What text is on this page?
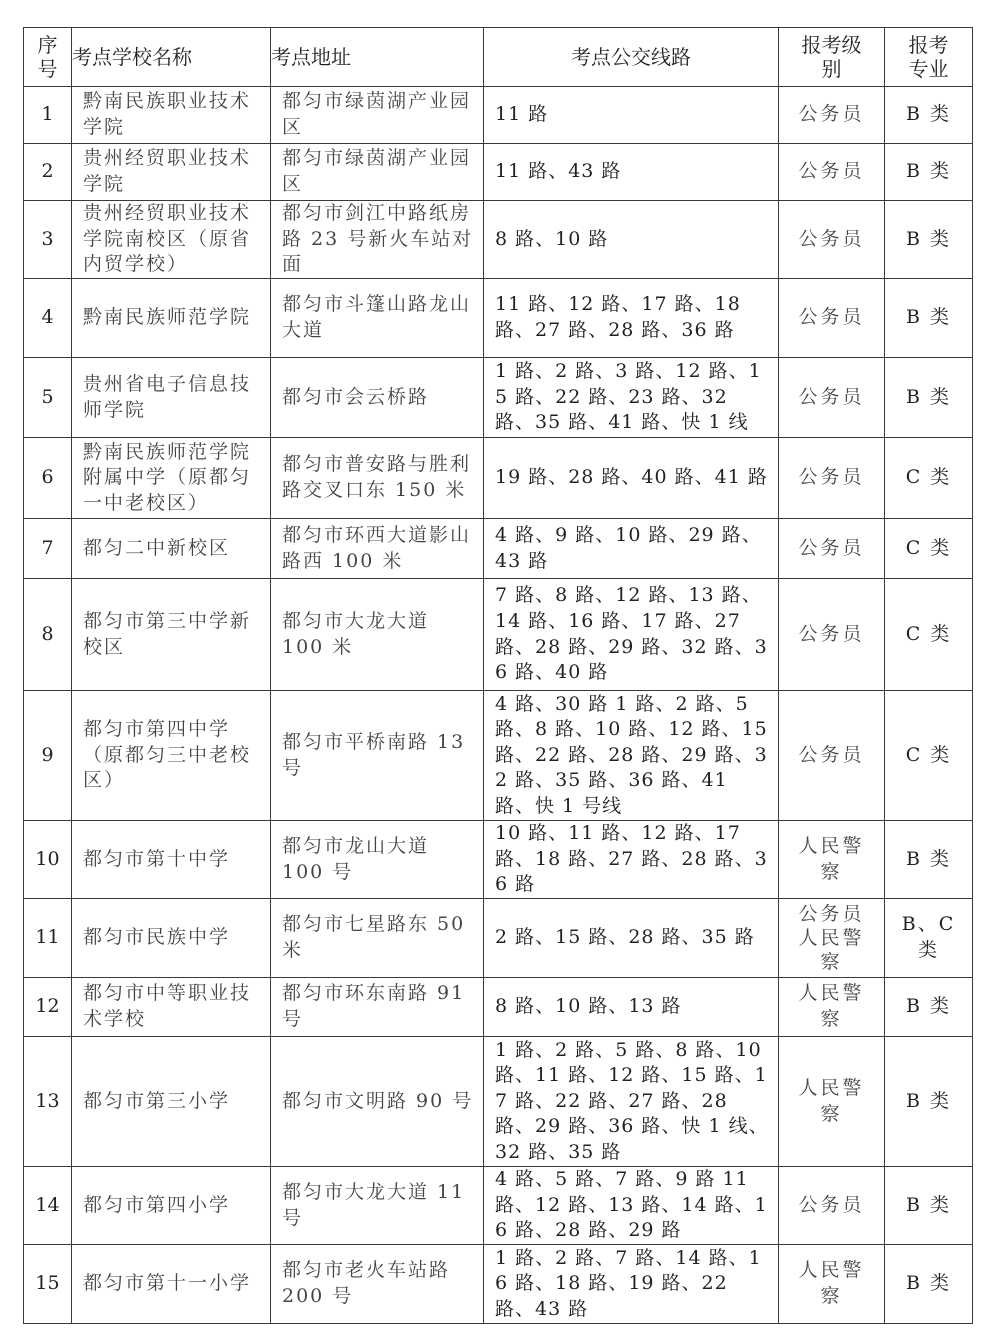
序号	考点学校名称	考点地址	考点公交线路	报考级别	报考专业

1	黔南民族职业技术学院	都匀市绿茵湖产业园区	11 路	公务员	B 类
2	贵州经贸职业技术学院	都匀市绿茵湖产业园区	11 路、43 路	公务员	B 类
3	贵州经贸职业技术学院南校区（原省内贸学校）	都匀市剑江中路纸房路 23 号新火车站对面	8 路、10 路	公务员	B 类
4	黔南民族师范学院	都匀市斗篷山路龙山大道	11 路、12 路、17 路、18 路、27 路、28 路、36 路	公务员	B 类
5	贵州省电子信息技师学院	都匀市会云桥路	1 路、2 路、3 路、12 路、15 路、22 路、23 路、32 路、35 路、41 路、快 1 线	公务员	B 类
6	黔南民族师范学院附属中学（原都匀一中老校区）	都匀市普安路与胜利路交叉口东 150 米	19 路、28 路、40 路、41 路	公务员	C 类
7	都匀二中新校区	都匀市环西大道影山路西 100 米	4 路、9 路、10 路、29 路、43 路	公务员	C 类
8	都匀市第三中学新校区	都匀市大龙大道 100 米	7 路、8 路、12 路、13 路、14 路、16 路、17 路、27 路、28 路、29 路、32 路、36 路、40 路	公务员	C 类
9	都匀市第四中学（原都匀三中老校区）	都匀市平桥南路 13 号	4 路、30 路 1 路、2 路、5 路、8 路、10 路、12 路、15 路、22 路、28 路、29 路、32 路、35 路、36 路、41 路、快 1 号线	公务员	C 类
10	都匀市第十中学	都匀市龙山大道 100 号	10 路、11 路、12 路、17 路、18 路、27 路、28 路、36 路	人民警察	B 类
11	都匀市民族中学	都匀市七星路东 50 米	2 路、15 路、28 路、35 路	公务员人民警察	B、C 类

12	都匀市中等职业技术学校	都匀市环东南路 91 号	8 路、10 路、13 路	人民警察	B 类
13	都匀市第三小学	都匀市文明路 90 号	1 路、2 路、5 路、8 路、10 路、11 路、12 路、15 路、17 路、22 路、27 路、28 路、29 路、36 路、快 1 线、32 路、35 路	人民警察	B 类
14	都匀市第四小学	都匀市大龙大道 11 号	4 路、5 路、7 路、9 路 11 路、12 路、13 路、14 路、16 路、28 路、29 路	公务员	B 类
15	都匀市第十一小学	都匀市老火车站路 200 号	1 路、2 路、7 路、14 路、16 路、18 路、19 路、22 路、43 路	人民警察	B 类
